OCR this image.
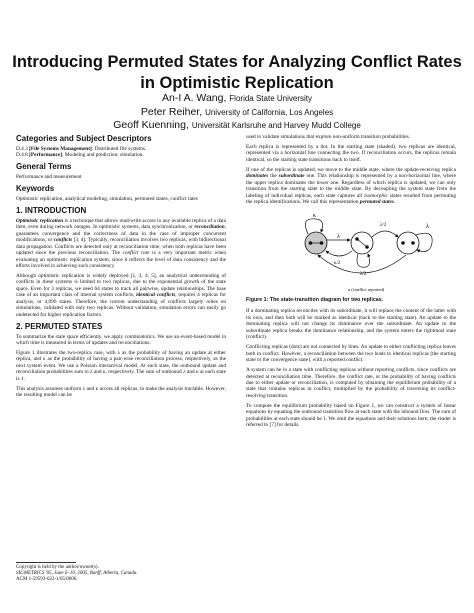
Introducing Permuted States for Analyzing Conflict Rates
in Optimistic Replication
An-I A. Wang, Florida State University
Peter Reiher, University of California, Los Angeles
Geoff Kuenning, Universität Karlsruhe and Harvey Mudd College
Categories and Subject Descriptors

D.4.3 [File Systems Management]: Distributed file systems.

D.4.8 [Performance]: Modeling and prediction; simulation.

General Terms

Performance and measurement

Keywords

Optimistic replication, analytical modeling, simulation, permuted states, conflict rates

1. INTRODUCTION

Optimistic replication is a technique that allows read/write access to any available replica of a data item, even during network outages. In optimistic systems, data synchronization, or reconciliation, guarantees convergence and the correctness of data in the case of improper concurrent modifications, or conflicts [3, 4]. Typically, reconciliation involves two replicas, with bidirectional data propagation. Conflicts are detected only at reconciliation time, when both replicas have been updated since the previous reconciliation. The conflict rate is a very important metric when evaluating an optimistic replication system, since it reflects the level of data consistency and the efforts involved in achieving such consistency.

Although optimistic replication is widely deployed [1, 3, 4, 5], an analytical understanding of conflicts in these systems is limited to two replicas, due to the exponential growth of the state space. Even for 3 replicas, we need 64 states to track all pairwise, update relationships. The base case of an important class of internal system conflicts, identical conflicts, requires 4 replicas for analysis, or 4,096 states. Therefore, the current understanding of conflicts largely relies on simulations, validated with only two replicas. Without validation, simulation errors can easily go undetected for higher replication factors.

2. PERMUTED STATES

To summarize the state space efficiently, we apply combinatorics. We use an event-based model in which time is measured in terms of updates and reconciliations.

Figure 1 illustrates the two-replica case, with λ as the probability of having an update at either replica, and κ as the probability of having a pair-wise reconciliation process, respectively, as the next system event. We use a Poisson interarrival model. At each state, the outbound update and reconciliation probabilities sum to λ and κ, respectively. The sum of outbound λ and κ at each state is 1.

This analysis assumes uniform λ and κ across all replicas, to make the analysis tractable. However, the resulting model can be

Copyright is held by the author/owner(s).
SIGMETRICS '05, June 6–10, 2005, Banff, Alberta, Canada.
ACM 1-59593-022-1/05/0006.

used to validate simulations that explore non-uniform transition probabilities.

Each replica is represented by a dot. In the starting state (shaded), two replicas are identical, represented via a horizontal line connecting the two. If reconciliation occurs, the replicas remain identical, so the starting state transitions back to itself.

If one of the replicas is updated, we move to the middle state, where the update-receiving replica dominates the subordinate one. This relationship is represented by a non-horizontal line, where the upper replica dominates the lower one. Regardless of which replica is updated, we can only transition from the starting state to the middle state. By decoupling the system state from the labeling of individual replicas, each state captures all isomorphic states resulted from permuting the replica identifications. We call this representation permuted states.

κ
λ
κ/2
λ/2
λ/2	λ
κ (conflict reported)
Figure 1: The state-transition diagram for two replicas.

If a dominating replica reconciles with its subordinate, it will replace the content of the latter with its own, and then both will be marked as identical (back to the starting state). An update to the dominating replica will not change its dominance over the subordinate. An update to the subordinate replica breaks the dominance relationship, and the system enters the rightmost state (conflict).

Conflicting replicas (dots) are not connected by lines. An update to either conflicting replica leaves both in conflict. However, a reconciliation between the two leads to identical replicas (the starting state or the convergence state), with a reported conflict.

A system can be in a state with conflicting replicas without reporting conflicts, since conflicts are detected at reconciliation time. Therefore, the conflict rate, or the probability of having conflicts due to either update or reconciliation, is computed by obtaining the equilibrium probability of a state that contains replicas in conflict, multiplied by the probability of traversing its conflict-resolving transition.

To compute the equilibrium probability based on Figure 1, we can construct a system of linear equations by equating the outbound transition flow at each state with the inbound flow. The sum of probabilities at each state should be 1. We omit the equations and their solutions here; the reader is referred to [7] for details.
